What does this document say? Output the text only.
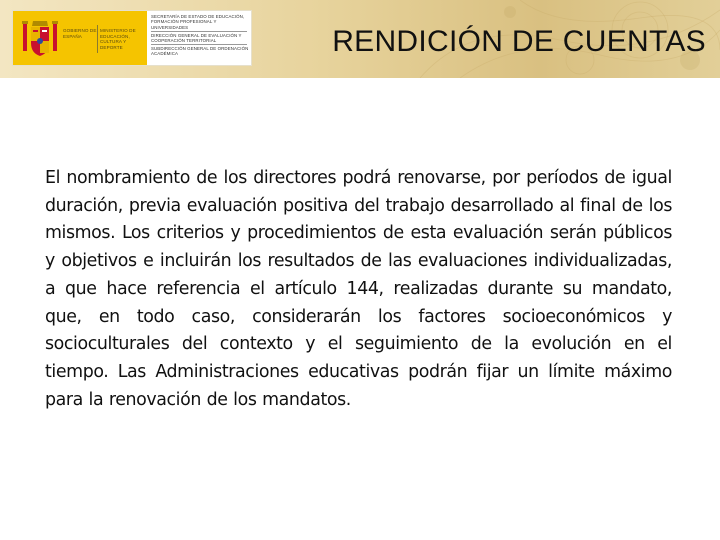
GOBIERNO DE ESPAÑA
MINISTERIO DE EDUCACIÓN, CULTURA Y DEPORTE
SECRETARÍA DE ESTADO DE EDUCACIÓN, FORMACIÓN PROFESIONAL Y UNIVERSIDADES
DIRECCIÓN GENERAL DE EVALUACIÓN Y COOPERACIÓN TERRITORIAL
SUBDIRECCIÓN GENERAL DE ORDENACIÓN ACADÉMICA	RENDICIÓN DE CUENTAS
El nombramiento de los directores podrá renovarse, por períodos de igual duración, previa evaluación positiva del trabajo desarrollado al final de los mismos. Los criterios y procedimientos de esta evaluación serán públicos y objetivos e incluirán los resultados de las evaluaciones individualizadas, a que hace referencia el artículo 144, realizadas durante su mandato, que, en todo caso, considerarán los factores socioeconómicos y socioculturales del contexto y el seguimiento de la evolución en el tiempo. Las Administraciones educativas podrán fijar un límite máximo para la renovación de los mandatos.
